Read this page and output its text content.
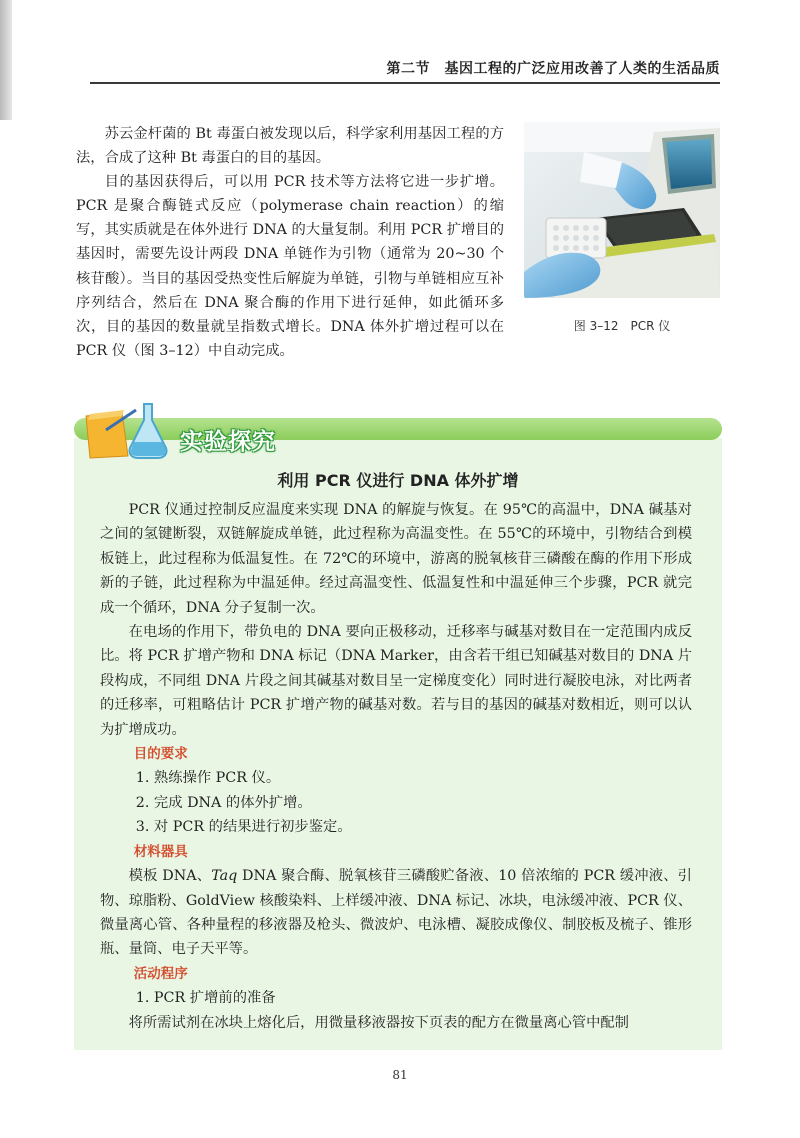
第二节　基因工程的广泛应用改善了人类的生活品质

苏云金杆菌的 Bt 毒蛋白被发现以后，科学家利用基因工程的方法，合成了这种 Bt 毒蛋白的目的基因。

目的基因获得后，可以用 PCR 技术等方法将它进一步扩增。PCR 是聚合酶链式反应（polymerase chain reaction）的缩写，其实质就是在体外进行 DNA 的大量复制。利用 PCR 扩增目的基因时，需要先设计两段 DNA 单链作为引物（通常为 20~30 个核苷酸）。当目的基因受热变性后解旋为单链，引物与单链相应互补序列结合，然后在 DNA 聚合酶的作用下进行延伸，如此循环多次，目的基因的数量就呈指数式增长。DNA 体外扩增过程可以在 PCR 仪（图 3–12）中自动完成。

图 3–12　PCR 仪
实验探究
利用 PCR 仪进行 DNA 体外扩增

PCR 仪通过控制反应温度来实现 DNA 的解旋与恢复。在 95℃的高温中，DNA 碱基对之间的氢键断裂，双链解旋成单链，此过程称为高温变性。在 55℃的环境中，引物结合到模板链上，此过程称为低温复性。在 72℃的环境中，游离的脱氧核苷三磷酸在酶的作用下形成新的子链，此过程称为中温延伸。经过高温变性、低温复性和中温延伸三个步骤，PCR 就完成一个循环，DNA 分子复制一次。

在电场的作用下，带负电的 DNA 要向正极移动，迁移率与碱基对数目在一定范围内成反比。将 PCR 扩增产物和 DNA 标记（DNA Marker，由含若干组已知碱基对数目的 DNA 片段构成，不同组 DNA 片段之间其碱基对数目呈一定梯度变化）同时进行凝胶电泳，对比两者的迁移率，可粗略估计 PCR 扩增产物的碱基对数。若与目的基因的碱基对数相近，则可以认为扩增成功。

目的要求

1. 熟练操作 PCR 仪。

2. 完成 DNA 的体外扩增。

3. 对 PCR 的结果进行初步鉴定。

材料器具

模板 DNA、Taq DNA 聚合酶、脱氧核苷三磷酸贮备液、10 倍浓缩的 PCR 缓冲液、引物、琼脂粉、GoldView 核酸染料、上样缓冲液、DNA 标记、冰块，电泳缓冲液、PCR 仪、微量离心管、各种量程的移液器及枪头、微波炉、电泳槽、凝胶成像仪、制胶板及梳子、锥形瓶、量筒、电子天平等。

活动程序

1. PCR 扩增前的准备

将所需试剂在冰块上熔化后，用微量移液器按下页表的配方在微量离心管中配制

81
